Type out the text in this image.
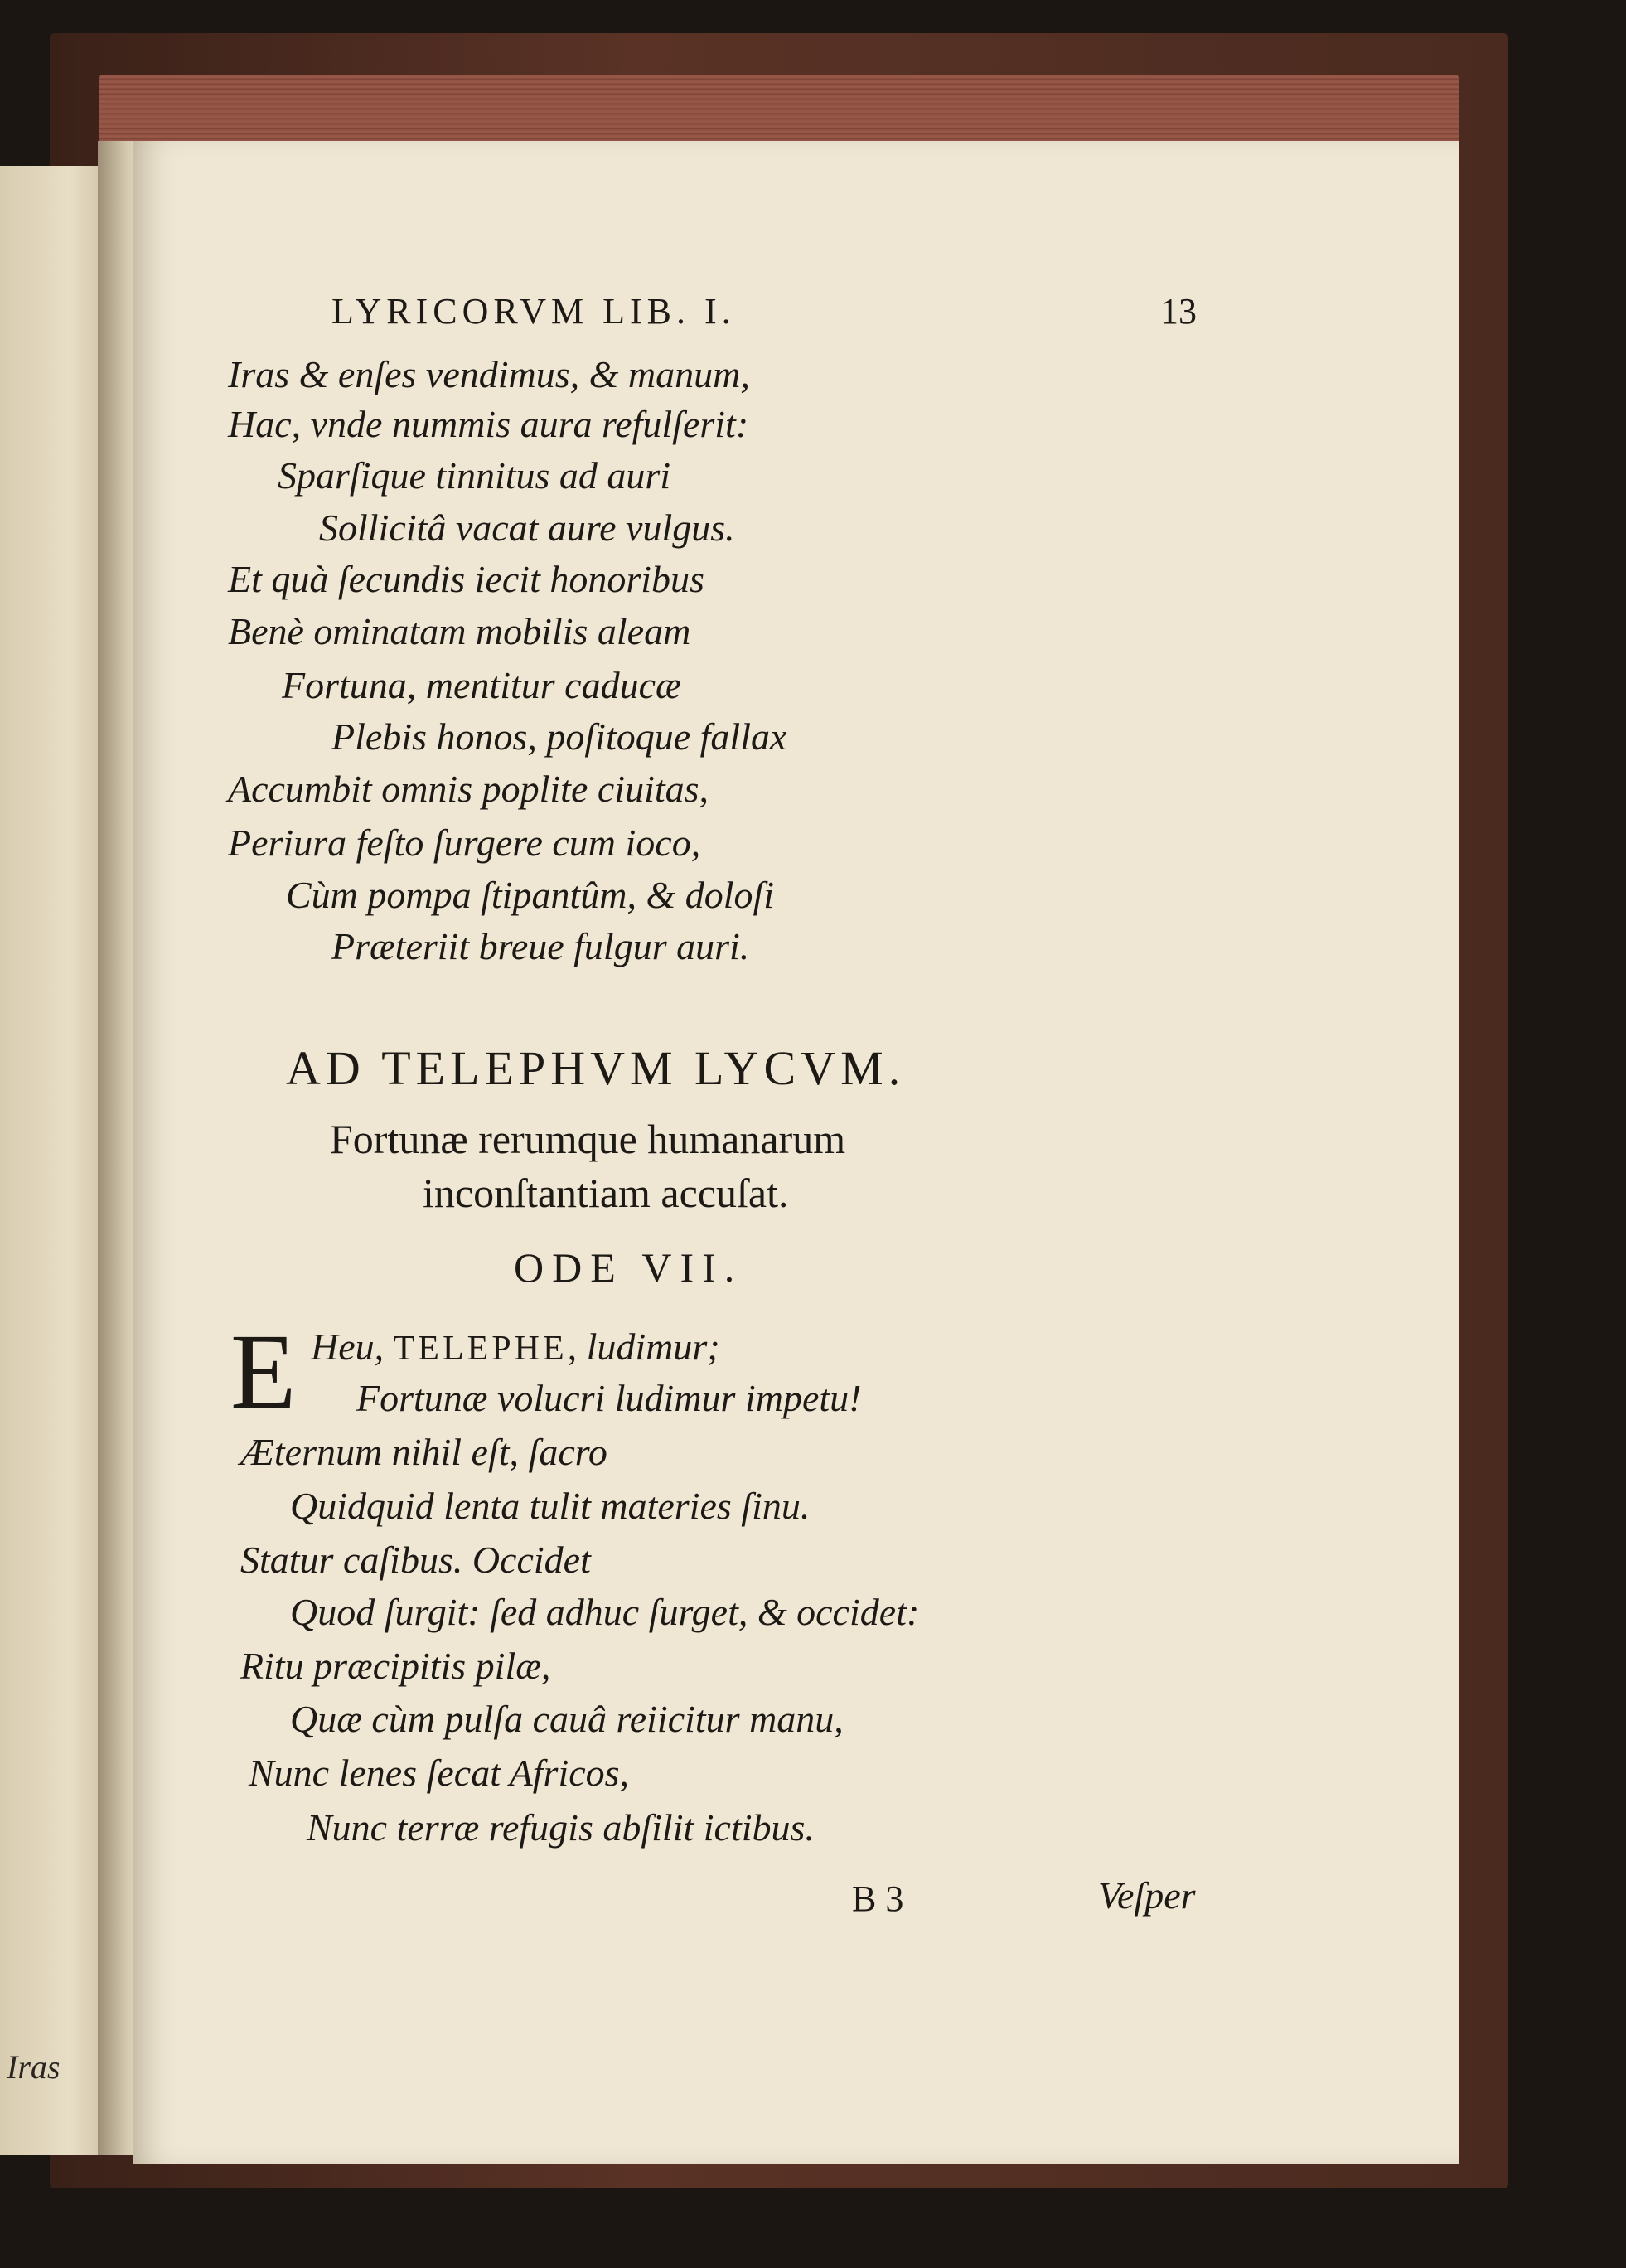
Iras
LYRICORVM LIB. I.	13
Iras & enſes vendimus, & manum,
Hac, vnde nummis aura refulſerit:
Sparſique tinnitus ad auri
Sollicitâ vacat aure vulgus.
Et quà ſecundis iecit honoribus
Benè ominatam mobilis aleam
Fortuna, mentitur caducæ
Plebis honos, poſitoque fallax
Accumbit omnis poplite ciuitas,
Periura feſto ſurgere cum ioco,
Cùm pompa ſtipantûm, & doloſi
Præteriit breue fulgur auri.
AD TELEPHVM LYCVM.
Fortunæ rerumque humanarum
inconſtantiam accuſat.
ODE VII.
E Heu, TELEPHE, ludimur;
Fortunæ volucri ludimur impetu!
Æternum nihil eſt, ſacro
Quidquid lenta tulit materies ſinu.
Statur caſibus. Occidet
Quod ſurgit: ſed adhuc ſurget, & occidet:
Ritu præcipitis pilæ,
Quæ cùm pulſa cauâ reiicitur manu,
Nunc lenes ſecat Africos,
Nunc terræ refugis abſilit ictibus.
B 3	Veſper
